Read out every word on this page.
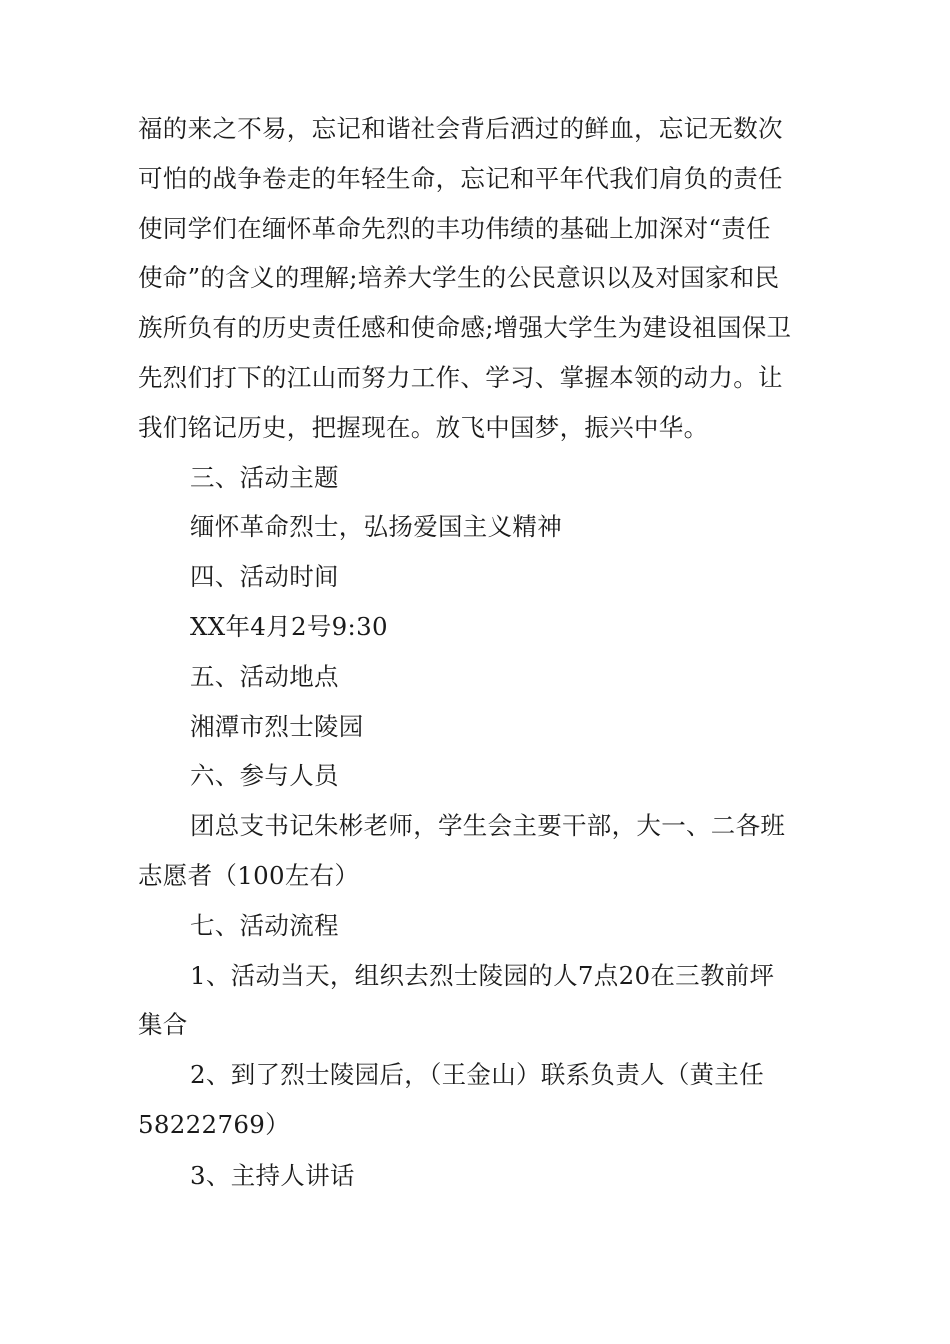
福的来之不易，忘记和谐社会背后洒过的鲜血，忘记无数次
可怕的战争卷走的年轻生命，忘记和平年代我们肩负的责任
使同学们在缅怀革命先烈的丰功伟绩的基础上加深对“责任
使命”的含义的理解;培养大学生的公民意识以及对国家和民
族所负有的历史责任感和使命感;增强大学生为建设祖国保卫
先烈们打下的江山而努力工作、学习、掌握本领的动力。让
我们铭记历史，把握现在。放飞中国梦，振兴中华。
三、活动主题
缅怀革命烈士，弘扬爱国主义精神
四、活动时间
XX年4月2号9:30
五、活动地点
湘潭市烈士陵园
六、参与人员
团总支书记朱彬老师，学生会主要干部，大一、二各班
志愿者（100左右）
七、活动流程
1、活动当天，组织去烈士陵园的人7点20在三教前坪
集合
2、到了烈士陵园后，（王金山）联系负责人（黄主任
58222769）
3、主持人讲话
